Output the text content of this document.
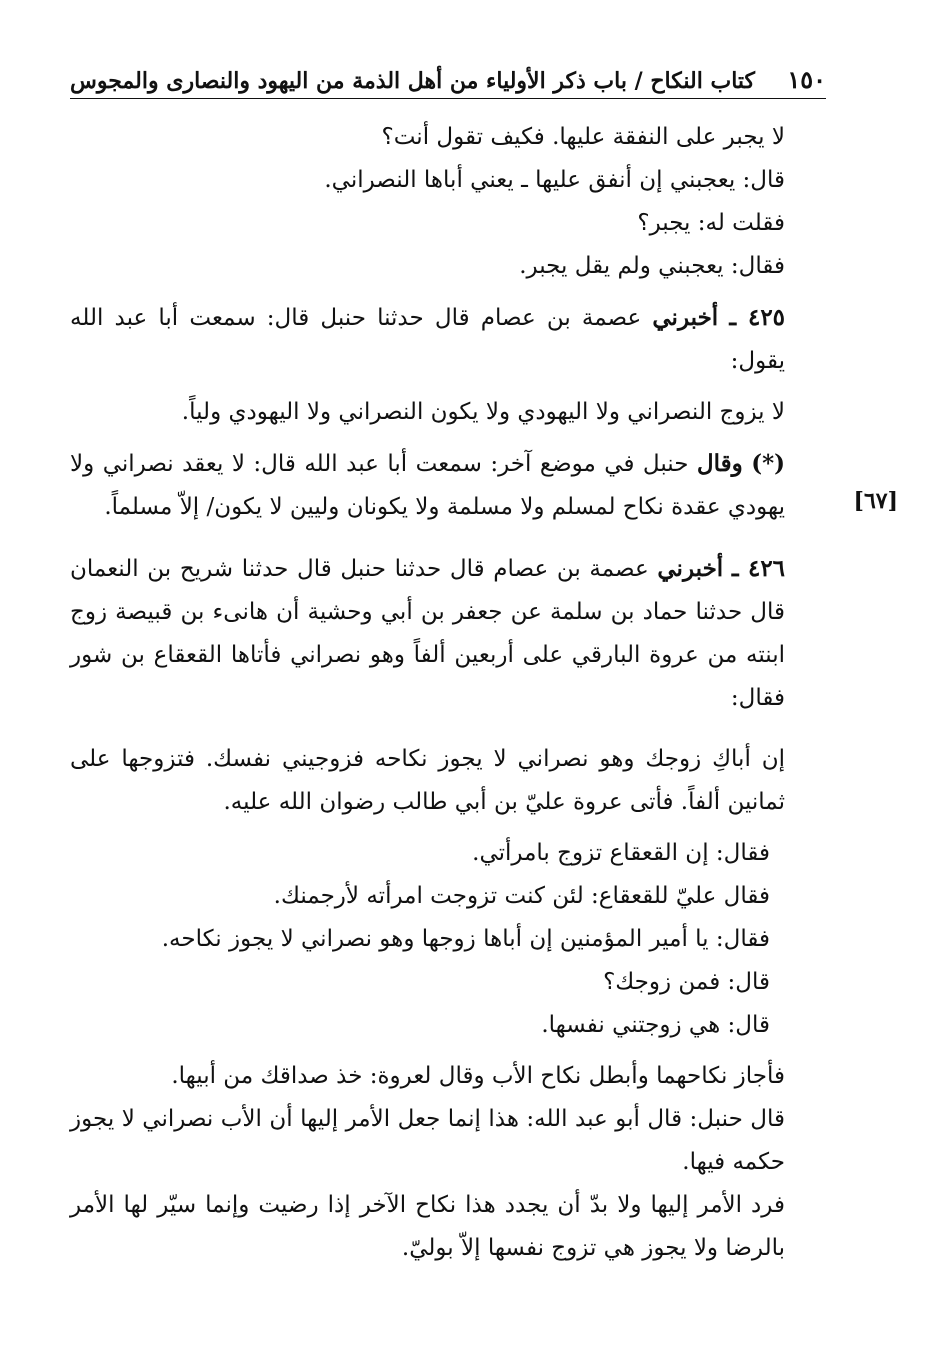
١٥٠
كتاب النكاح / باب ذكر الأولياء من أهل الذمة من اليهود والنصارى والمجوس
[٦٧]

لا يجبر على النفقة عليها. فكيف تقول أنت؟

قال: يعجبني إن أنفق عليها ـ يعني أباها النصراني.

فقلت له: يجبر؟

فقال: يعجبني ولم يقل يجبر.

٤٢٥ ـ أخبرني عصمة بن عصام قال حدثنا حنبل قال: سمعت أبا عبد الله يقول:

لا يزوج النصراني ولا اليهودي ولا يكون النصراني ولا اليهودي ولياً.

(*) وقال حنبل في موضع آخر: سمعت أبا عبد الله قال: لا يعقد نصراني ولا يهودي عقدة نكاح لمسلم ولا مسلمة ولا يكونان وليين لا يكون/ إلاّ مسلماً.

٤٢٦ ـ أخبرني عصمة بن عصام قال حدثنا حنبل قال حدثنا شريح بن النعمان قال حدثنا حماد بن سلمة عن جعفر بن أبي وحشية أن هانىء بن قبيصة زوج ابنته من عروة البارقي على أربعين ألفاً وهو نصراني فأتاها القعقاع بن شور فقال:

إن أباكِ زوجك وهو نصراني لا يجوز نكاحه فزوجيني نفسك. فتزوجها على ثمانين ألفاً. فأتى عروة عليّ بن أبي طالب رضوان الله عليه.

فقال: إن القعقاع تزوج بامرأتي.

فقال عليّ للقعقاع: لئن كنت تزوجت امرأته لأرجمنك.

فقال: يا أمير المؤمنين إن أباها زوجها وهو نصراني لا يجوز نكاحه.

قال: فمن زوجك؟

قال: هي زوجتني نفسها.

فأجاز نكاحهما وأبطل نكاح الأب وقال لعروة: خذ صداقك من أبيها.

قال حنبل: قال أبو عبد الله: هذا إنما جعل الأمر إليها أن الأب نصراني لا يجوز حكمه فيها.

فرد الأمر إليها ولا بدّ أن يجدد هذا نكاح الآخر إذا رضيت وإنما سيّر لها الأمر بالرضا ولا يجوز هي تزوج نفسها إلاّ بوليّ.
